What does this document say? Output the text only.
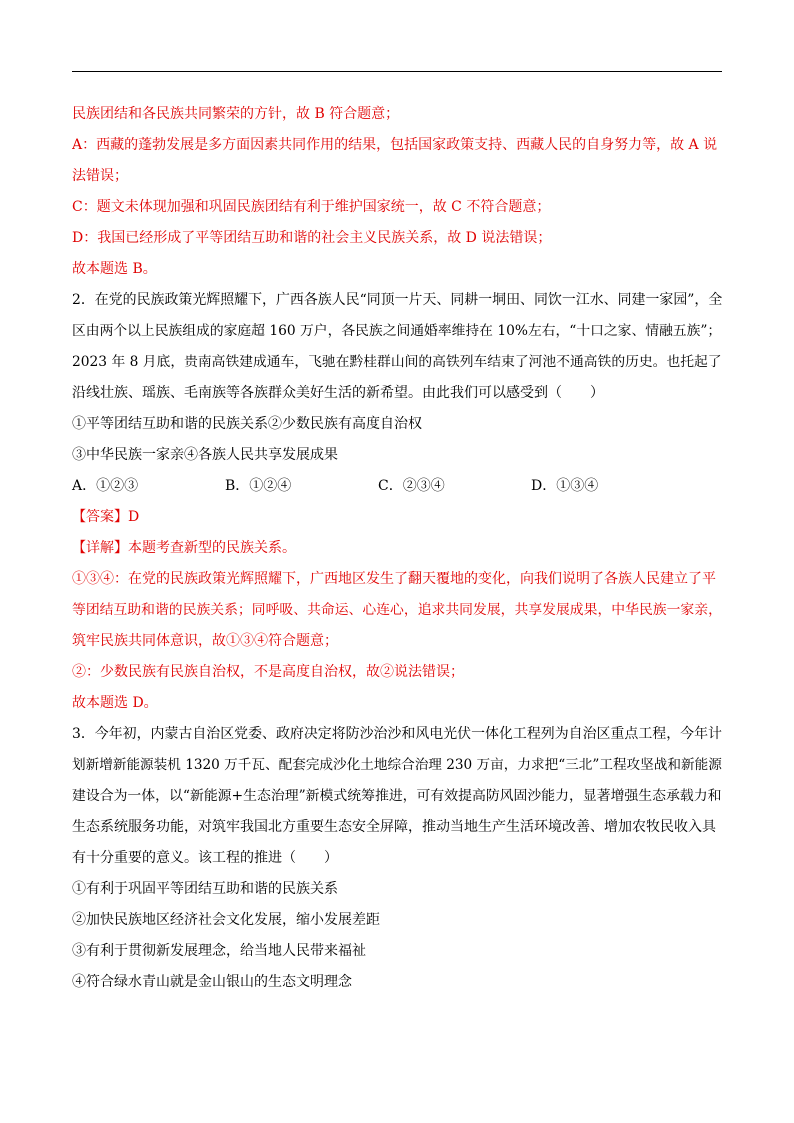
民族团结和各民族共同繁荣的方针，故 B 符合题意；
A：西藏的蓬勃发展是多方面因素共同作用的结果，包括国家政策支持、西藏人民的自身努力等，故 A 说
法错误；
C：题文未体现加强和巩固民族团结有利于维护国家统一，故 C 不符合题意；
D：我国已经形成了平等团结互助和谐的社会主义民族关系，故 D 说法错误；
故本题选 B。
2．在党的民族政策光辉照耀下，广西各族人民“同顶一片天、同耕一垌田、同饮一江水、同建一家园”，全
区由两个以上民族组成的家庭超 160 万户，各民族之间通婚率维持在 10%左右，“十口之家、情融五族”；
2023 年 8 月底，贵南高铁建成通车，飞驰在黔桂群山间的高铁列车结束了河池不通高铁的历史。也托起了
沿线壮族、瑶族、毛南族等各族群众美好生活的新希望。由此我们可以感受到（　　）
①平等团结互助和谐的民族关系②少数民族有高度自治权
③中华民族一家亲④各族人民共享发展成果
A．①②③	B．①②④	C．②③④	D．①③④
【答案】D
【详解】本题考查新型的民族关系。
①③④：在党的民族政策光辉照耀下，广西地区发生了翻天覆地的变化，向我们说明了各族人民建立了平
等团结互助和谐的民族关系；同呼吸、共命运、心连心，追求共同发展，共享发展成果，中华民族一家亲，
筑牢民族共同体意识，故①③④符合题意；
②：少数民族有民族自治权，不是高度自治权，故②说法错误；
故本题选 D。
3．今年初，内蒙古自治区党委、政府决定将防沙治沙和风电光伏一体化工程列为自治区重点工程，今年计
划新增新能源装机 1320 万千瓦、配套完成沙化土地综合治理 230 万亩，力求把“三北”工程攻坚战和新能源
建设合为一体，以“新能源+生态治理”新模式统筹推进，可有效提高防风固沙能力，显著增强生态承载力和
生态系统服务功能，对筑牢我国北方重要生态安全屏障，推动当地生产生活环境改善、增加农牧民收入具
有十分重要的意义。该工程的推进（　　）
①有利于巩固平等团结互助和谐的民族关系
②加快民族地区经济社会文化发展，缩小发展差距
③有利于贯彻新发展理念，给当地人民带来福祉
④符合绿水青山就是金山银山的生态文明理念
